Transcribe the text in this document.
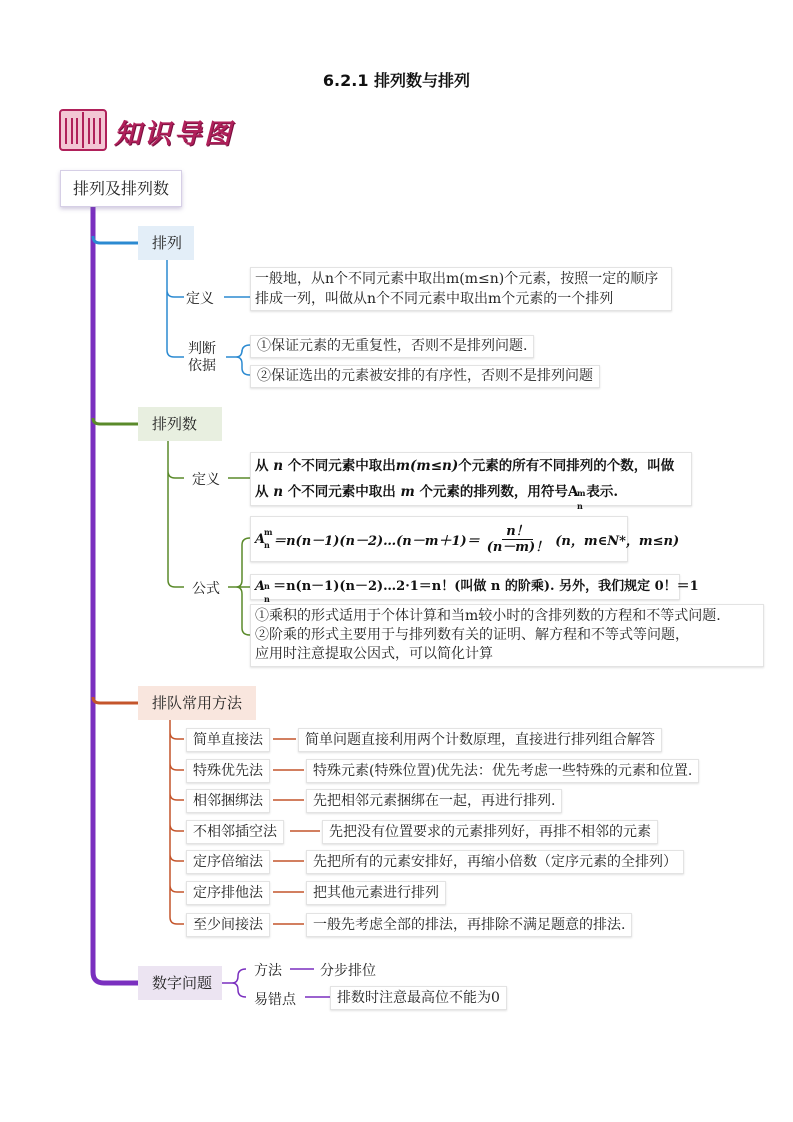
6.2.1 排列数与排列
知识导图
排列及排列数
排列
定义
一般地，从n个不同元素中取出m(m≤n)个元素，按照一定的顺序排成一列，叫做从n个不同元素中取出m个元素的一个排列
判断
依据
①保证元素的无重复性，否则不是排列问题.
②保证选出的元素被安排的有序性，否则不是排列问题
排列数
定义
从 n 个不同元素中取出m(m≤n)个元素的所有不同排列的个数，叫做
从 n 个不同元素中取出 m 个元素的排列数，用符号A
m
n
表示.
公式
A
m
n ＝n(n－1)(n－2)…(n－m＋1)＝ $\frac{n!}{(n-m)!} (n$，m∈N*，m≤n)
A
n
n
＝n(n－1)(n－2)…2·1＝n！(叫做 n 的阶乘). 另外，我们规定 0！＝1
①乘积的形式适用于个体计算和当m较小时的含排列数的方程和不等式问题.
②阶乘的形式主要用于与排列数有关的证明、解方程和不等式等问题，
应用时注意提取公因式，可以简化计算
排队常用方法
简单直接法	简单问题直接利用两个计数原理，直接进行排列组合解答
特殊优先法	特殊元素(特殊位置)优先法：优先考虑一些特殊的元素和位置.
相邻捆绑法	先把相邻元素捆绑在一起，再进行排列.
不相邻插空法	先把没有位置要求的元素排列好，再排不相邻的元素
定序倍缩法	先把所有的元素安排好，再缩小倍数（定序元素的全排列）
定序排他法	把其他元素进行排列
至少间接法	一般先考虑全部的排法，再排除不满足题意的排法.
数字问题
方法	分步排位
易错点	排数时注意最高位不能为0
